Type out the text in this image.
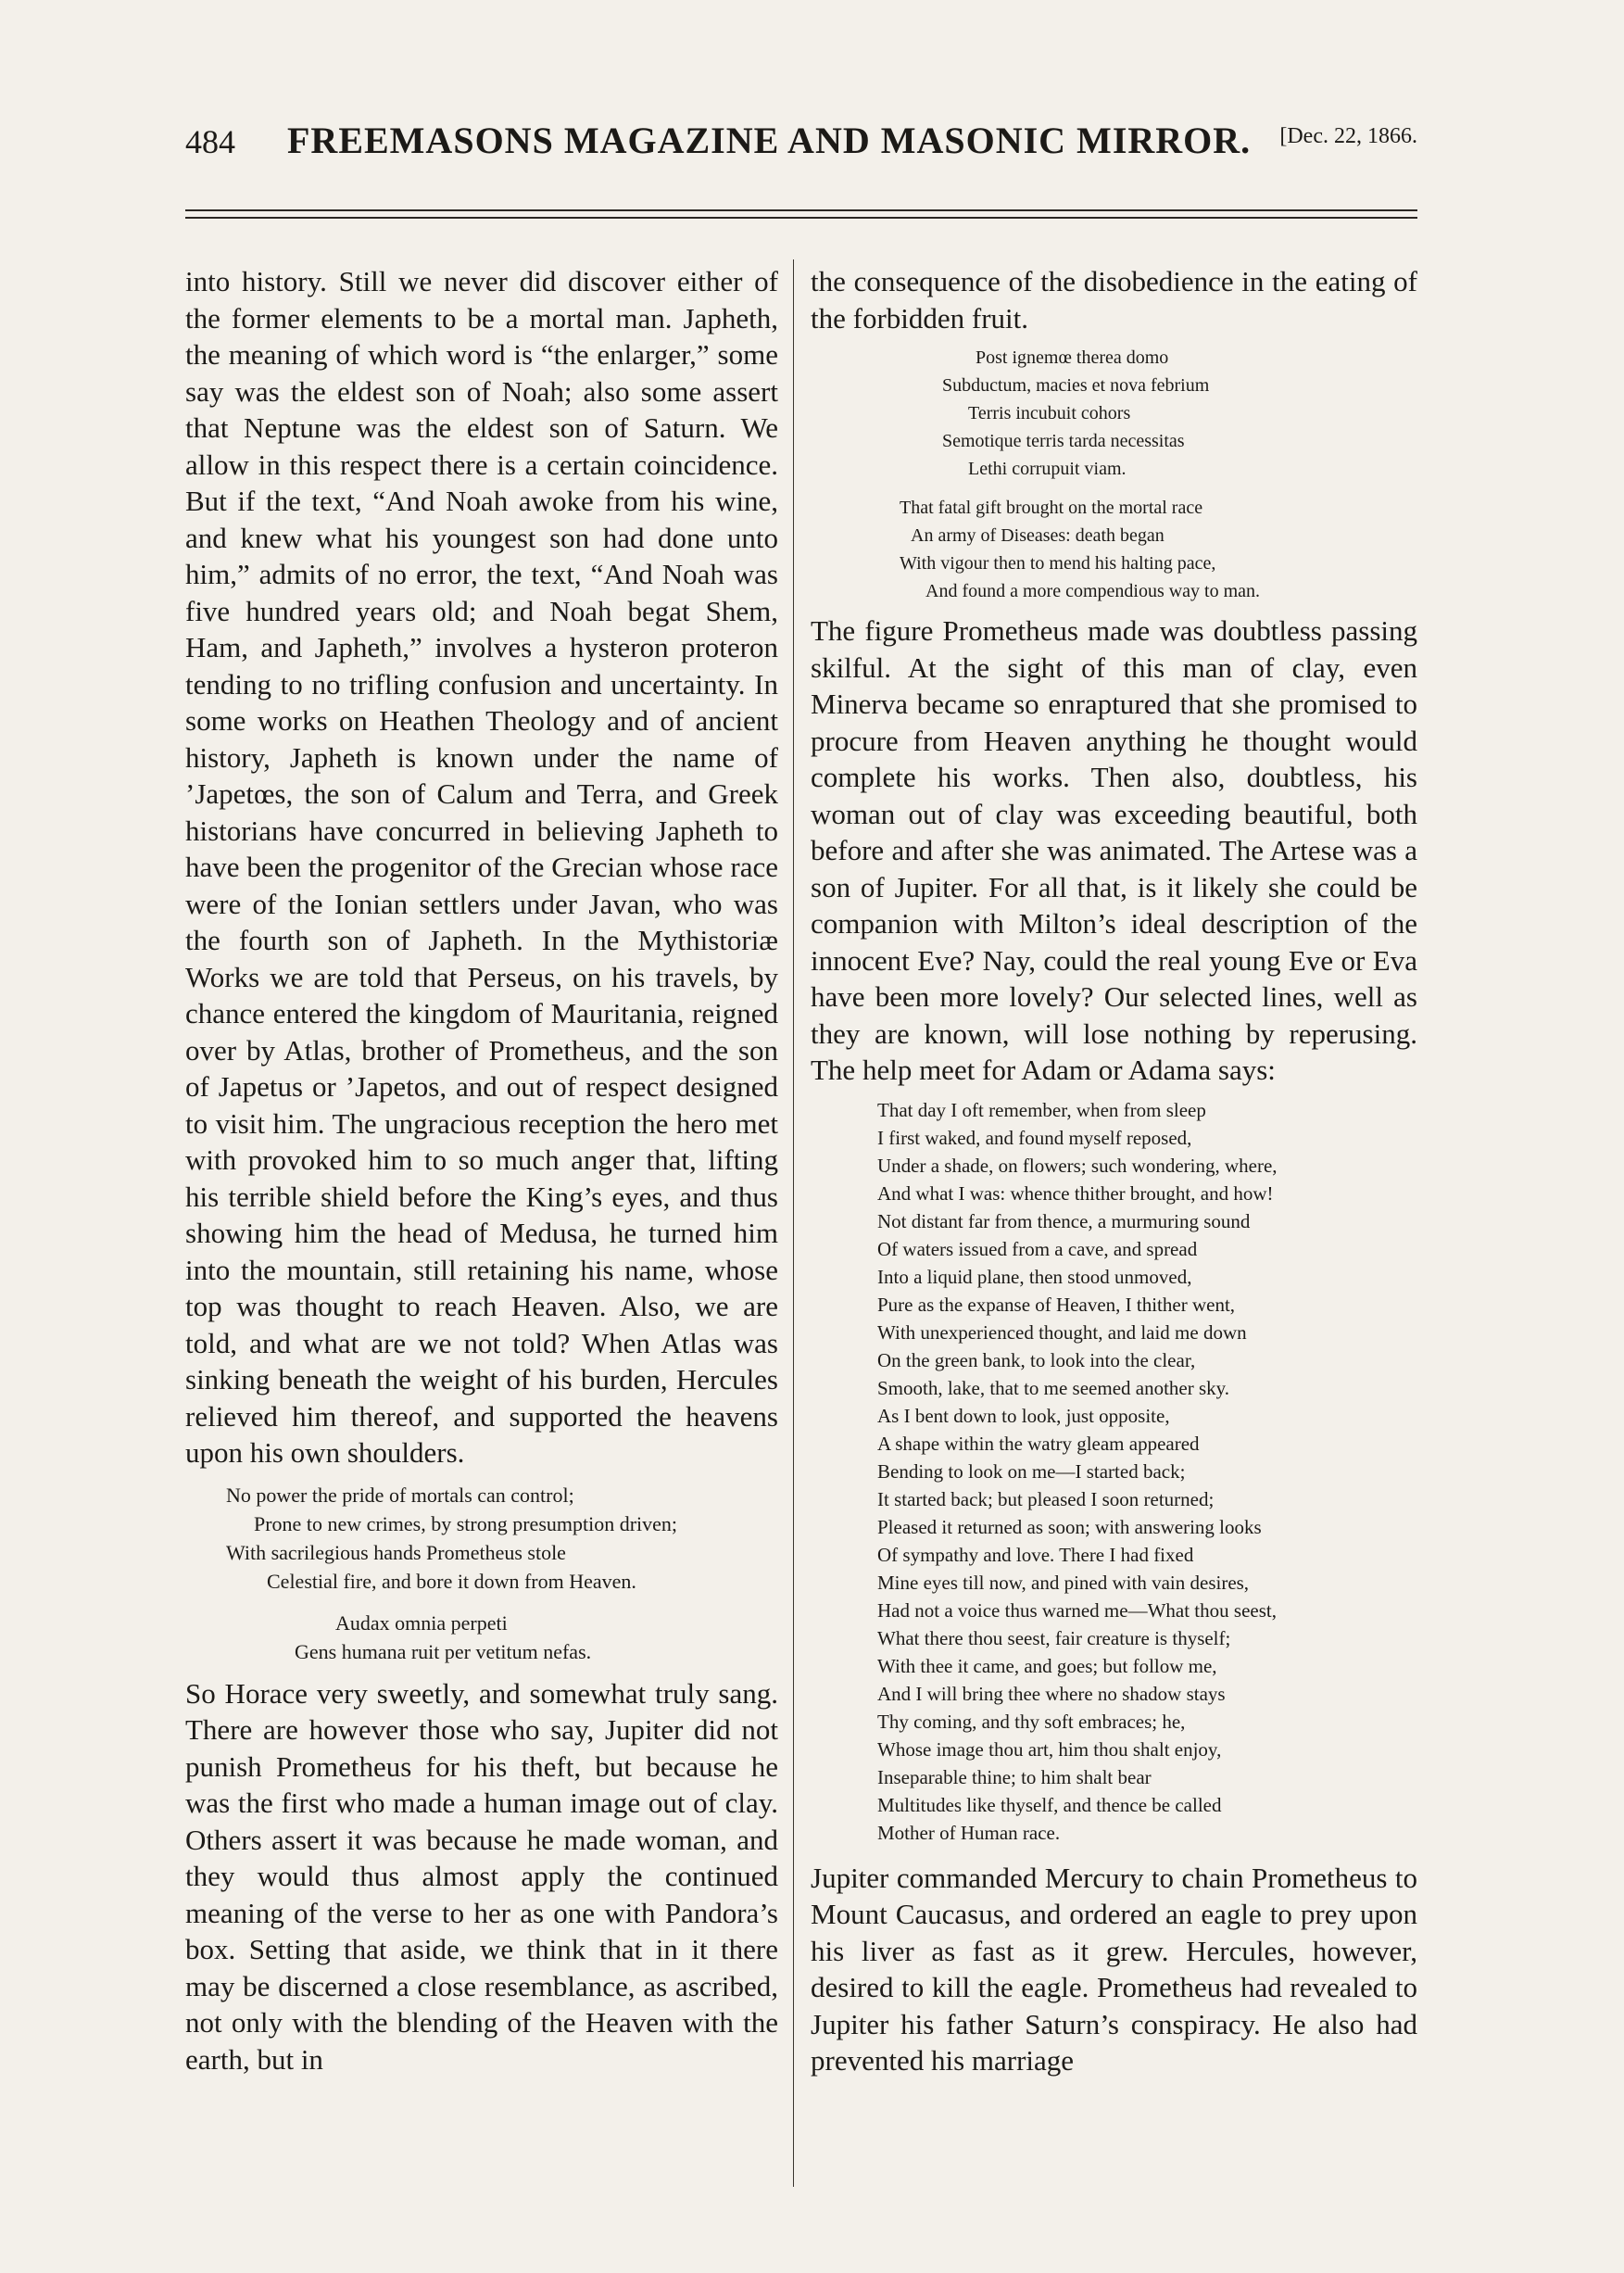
484 FREEMASONS MAGAZINE AND MASONIC MIRROR. [Dec. 22, 1866.

into history. Still we never did discover either of the former elements to be a mortal man. Japheth, the meaning of which word is “the enlarger,” some say was the eldest son of Noah; also some assert that Neptune was the eldest son of Saturn. We allow in this respect there is a certain coincidence. But if the text, “And Noah awoke from his wine, and knew what his youngest son had done unto him,” admits of no error, the text, “And Noah was five hundred years old; and Noah begat Shem, Ham, and Japheth,” involves a hysteron proteron tending to no trifling confusion and uncertainty. In some works on Heathen Theology and of ancient history, Japheth is known under the name of ’Japetœs, the son of Calum and Terra, and Greek historians have concurred in believing Japheth to have been the progenitor of the Grecian whose race were of the Ionian settlers under Javan, who was the fourth son of Japheth. In the Mythistoriæ Works we are told that Perseus, on his travels, by chance entered the kingdom of Mauritania, reigned over by Atlas, brother of Prometheus, and the son of Japetus or ’Japetos, and out of respect designed to visit him. The ungracious reception the hero met with provoked him to so much anger that, lifting his terrible shield before the King’s eyes, and thus showing him the head of Medusa, he turned him into the mountain, still retaining his name, whose top was thought to reach Heaven. Also, we are told, and what are we not told? When Atlas was sinking beneath the weight of his burden, Hercules relieved him thereof, and supported the heavens upon his own shoulders.

No power the pride of mortals can control;
Prone to new crimes, by strong presumption driven;
With sacrilegious hands Prometheus stole
Celestial fire, and bore it down from Heaven.
Audax omnia perpeti
Gens humana ruit per vetitum nefas.

So Horace very sweetly, and somewhat truly sang. There are however those who say, Jupiter did not punish Prometheus for his theft, but because he was the first who made a human image out of clay. Others assert it was because he made woman, and they would thus almost apply the continued meaning of the verse to her as one with Pandora’s box. Setting that aside, we think that in it there may be discerned a close resemblance, as ascribed, not only with the blending of the Heaven with the earth, but in

the consequence of the disobedience in the eating of the forbidden fruit.

Post ignemœ therea domo
Subductum, macies et nova febrium
Terris incubuit cohors
Semotique terris tarda necessitas
Lethi corrupuit viam.
That fatal gift brought on the mortal race
An army of Diseases: death began
With vigour then to mend his halting pace,
And found a more compendious way to man.

The figure Prometheus made was doubtless passing skilful. At the sight of this man of clay, even Minerva became so enraptured that she promised to procure from Heaven anything he thought would complete his works. Then also, doubtless, his woman out of clay was exceeding beautiful, both before and after she was animated. The Artese was a son of Jupiter. For all that, is it likely she could be companion with Milton’s ideal description of the innocent Eve? Nay, could the real young Eve or Eva have been more lovely? Our selected lines, well as they are known, will lose nothing by reperusing. The help meet for Adam or Adama says:

That day I oft remember, when from sleep
I first waked, and found myself reposed,
Under a shade, on flowers; such wondering, where,
And what I was: whence thither brought, and how!
Not distant far from thence, a murmuring sound
Of waters issued from a cave, and spread
Into a liquid plane, then stood unmoved,
Pure as the expanse of Heaven, I thither went,
With unexperienced thought, and laid me down
On the green bank, to look into the clear,
Smooth, lake, that to me seemed another sky.
As I bent down to look, just opposite,
A shape within the watry gleam appeared
Bending to look on me—I started back;
It started back; but pleased I soon returned;
Pleased it returned as soon; with answering looks
Of sympathy and love. There I had fixed
Mine eyes till now, and pined with vain desires,
Had not a voice thus warned me—What thou seest,
What there thou seest, fair creature is thyself;
With thee it came, and goes; but follow me,
And I will bring thee where no shadow stays
Thy coming, and thy soft embraces; he,
Whose image thou art, him thou shalt enjoy,
Inseparable thine; to him shalt bear
Multitudes like thyself, and thence be called
Mother of Human race.

Jupiter commanded Mercury to chain Prometheus to Mount Caucasus, and ordered an eagle to prey upon his liver as fast as it grew. Hercules, however, desired to kill the eagle. Prometheus had revealed to Jupiter his father Saturn’s conspiracy. He also had prevented his marriage
